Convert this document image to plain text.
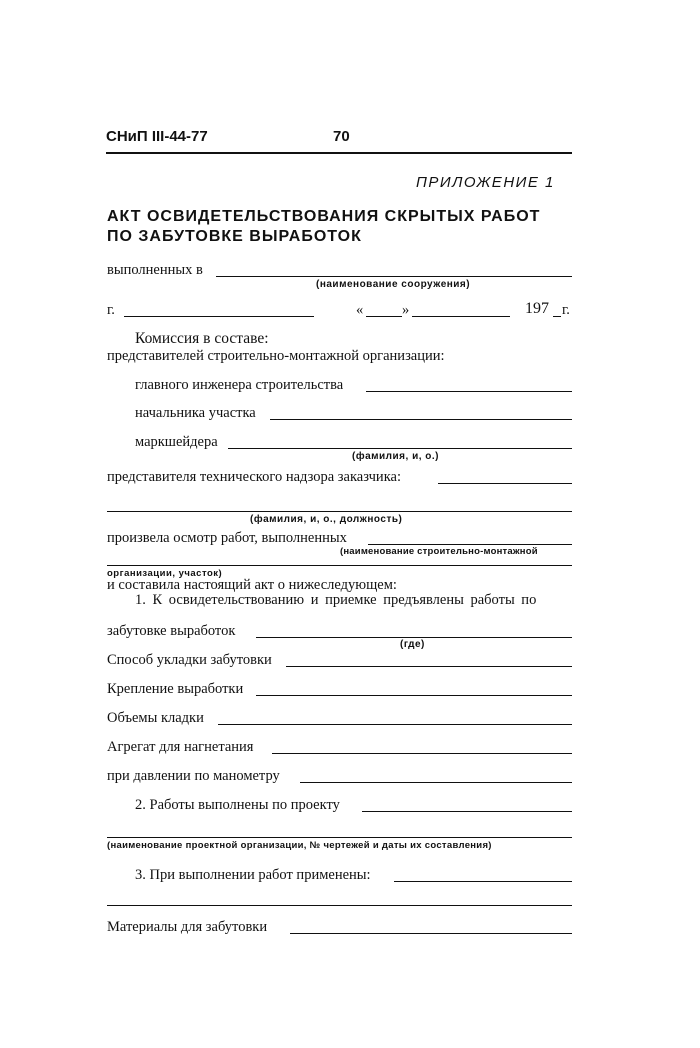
СНиП III-44-77	70
ПРИЛОЖЕНИЕ 1
АКТ ОСВИДЕТЕЛЬСТВОВАНИЯ СКРЫТЫХ РАБОТ
ПО ЗАБУТОВКЕ ВЫРАБОТОК
выполненных в
(наименование сооружения)
г.	«	»	197 г.
Комиссия в составе:
представителей строительно-монтажной организации:
главного инженера строительства
начальника участка
маркшейдера
(фамилия, и, о.)
представителя технического надзора заказчика:
(фамилия, и, о., должность)
произвела осмотр работ, выполненных
(наименование строительно-монтажной
организации, участок)
и составила настоящий акт о нижеследующем:
1. К освидетельствованию и приемке предъявлены работы по
забутовке выработок
(где)
Способ укладки забутовки
Крепление выработки
Объемы кладки
Агрегат для нагнетания
при давлении по манометру
2. Работы выполнены по проекту
(наименование проектной организации, № чертежей и даты их составления)
3. При выполнении работ применены:
Материалы для забутовки
